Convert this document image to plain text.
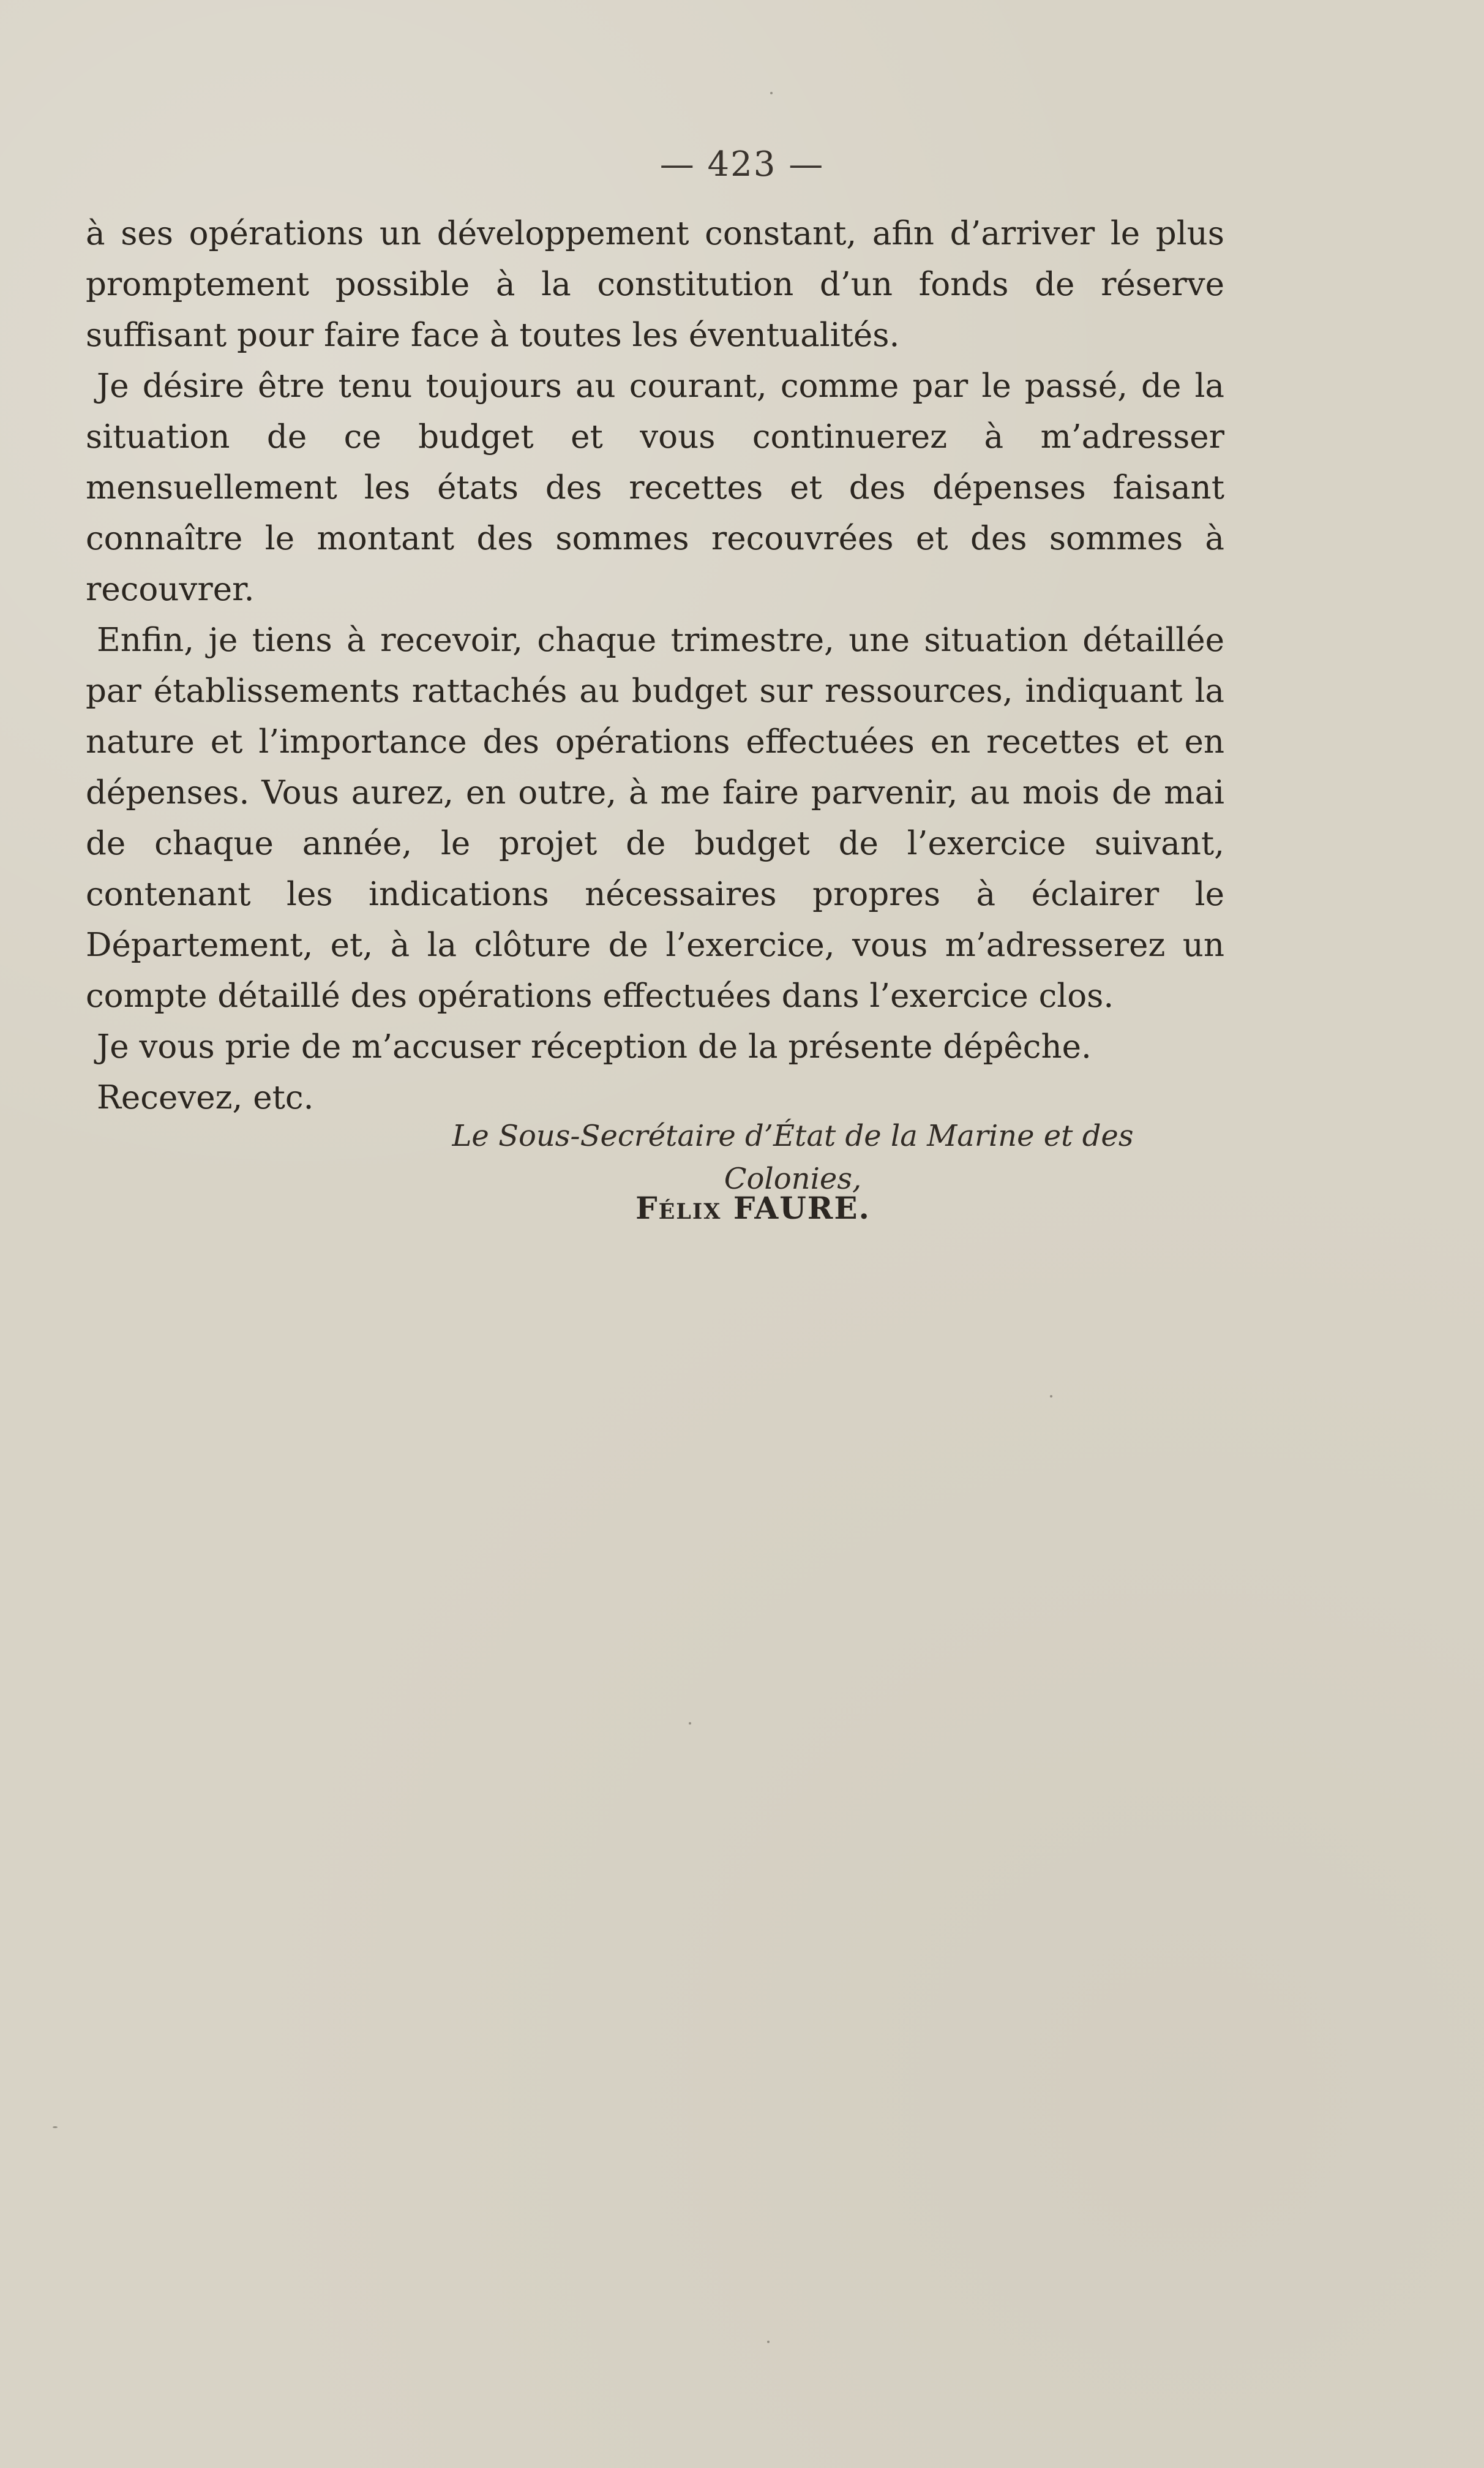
— 423 —

à ses opérations un développement constant, afin d’arriver le plus promptement possible à la constitution d’un fonds de réserve suffisant pour faire face à toutes les éventualités.

Je désire être tenu toujours au courant, comme par le passé, de la situation de ce budget et vous continuerez à m’adresser mensuellement les états des recettes et des dépenses faisant connaître le montant des sommes recouvrées et des sommes à recouvrer.

Enfin, je tiens à recevoir, chaque trimestre, une situation détaillée par établissements rattachés au budget sur ressources, indiquant la nature et l’importance des opérations effectuées en recettes et en dépenses. Vous aurez, en outre, à me faire parvenir, au mois de mai de chaque année, le projet de budget de l’exercice suivant, contenant les indications nécessaires propres à éclairer le Département, et, à la clôture de l’exercice, vous m’adresserez un compte détaillé des opérations effectuées dans l’exercice clos.

Je vous prie de m’accuser réception de la présente dépêche.

Recevez, etc.

Le Sous-Secrétaire d’État de la Marine et des Colonies,
Félix FAURE.
